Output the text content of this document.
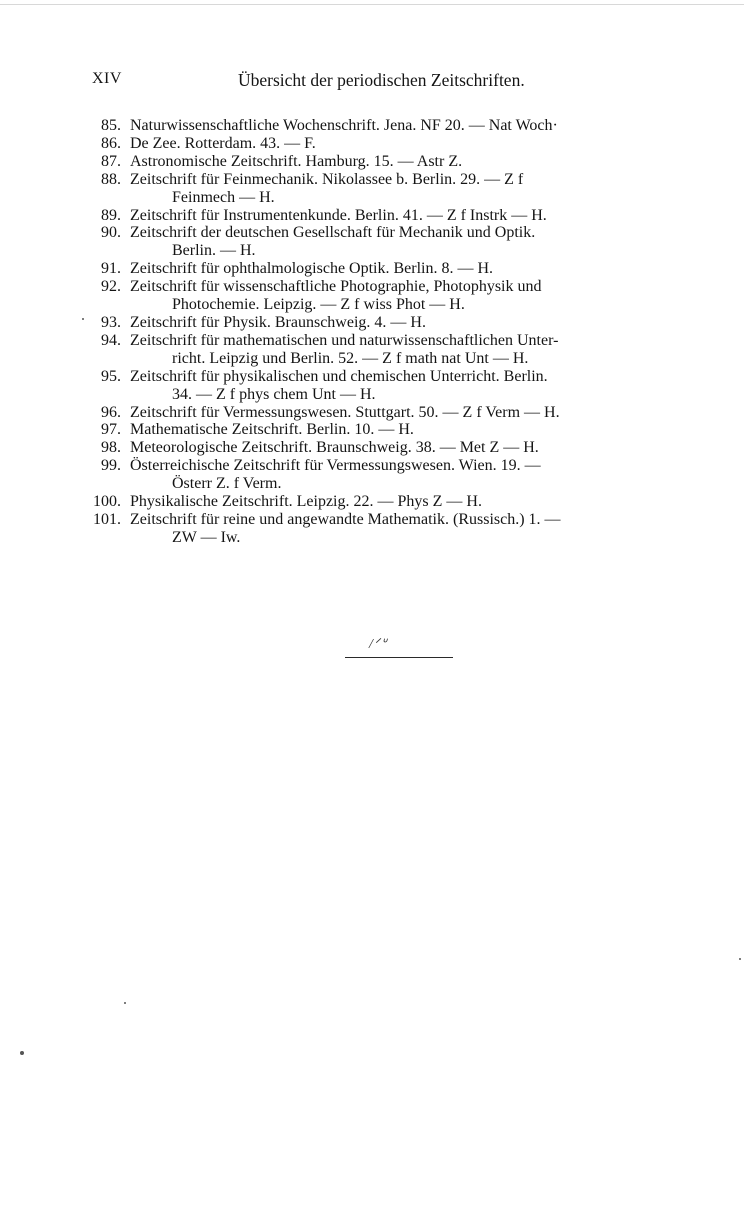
XIV	Übersicht der periodischen Zeitschriften.
85. Naturwissenschaftliche Wochenschrift. Jena. NF 20. — Nat Woch·
86. De Zee. Rotterdam. 43. — F.
87. Astronomische Zeitschrift. Hamburg. 15. — Astr Z.
88. Zeitschrift für Feinmechanik. Nikolassee b. Berlin. 29. — Z f
Feinmech — H.
89. Zeitschrift für Instrumentenkunde. Berlin. 41. — Z f Instrk — H.
90. Zeitschrift der deutschen Gesellschaft für Mechanik und Optik.
Berlin. — H.
91. Zeitschrift für ophthalmologische Optik. Berlin. 8. — H.
92. Zeitschrift für wissenschaftliche Photographie, Photophysik und
Photochemie. Leipzig. — Z f wiss Phot — H.
93. Zeitschrift für Physik. Braunschweig. 4. — H.
94. Zeitschrift für mathematischen und naturwissenschaftlichen Unter-
richt. Leipzig und Berlin. 52. — Z f math nat Unt — H.
95. Zeitschrift für physikalischen und chemischen Unterricht. Berlin.
34. — Z f phys chem Unt — H.
96. Zeitschrift für Vermessungswesen. Stuttgart. 50. — Z f Verm — H.
97. Mathematische Zeitschrift. Berlin. 10. — H.
98. Meteorologische Zeitschrift. Braunschweig. 38. — Met Z — H.
99. Österreichische Zeitschrift für Vermessungswesen. Wien. 19. —
Österr Z. f Verm.
100. Physikalische Zeitschrift. Leipzig. 22. — Phys Z — H.
101. Zeitschrift für reine und angewandte Mathematik. (Russisch.) 1. —
ZW — Iw.
/ᐟᐡ
